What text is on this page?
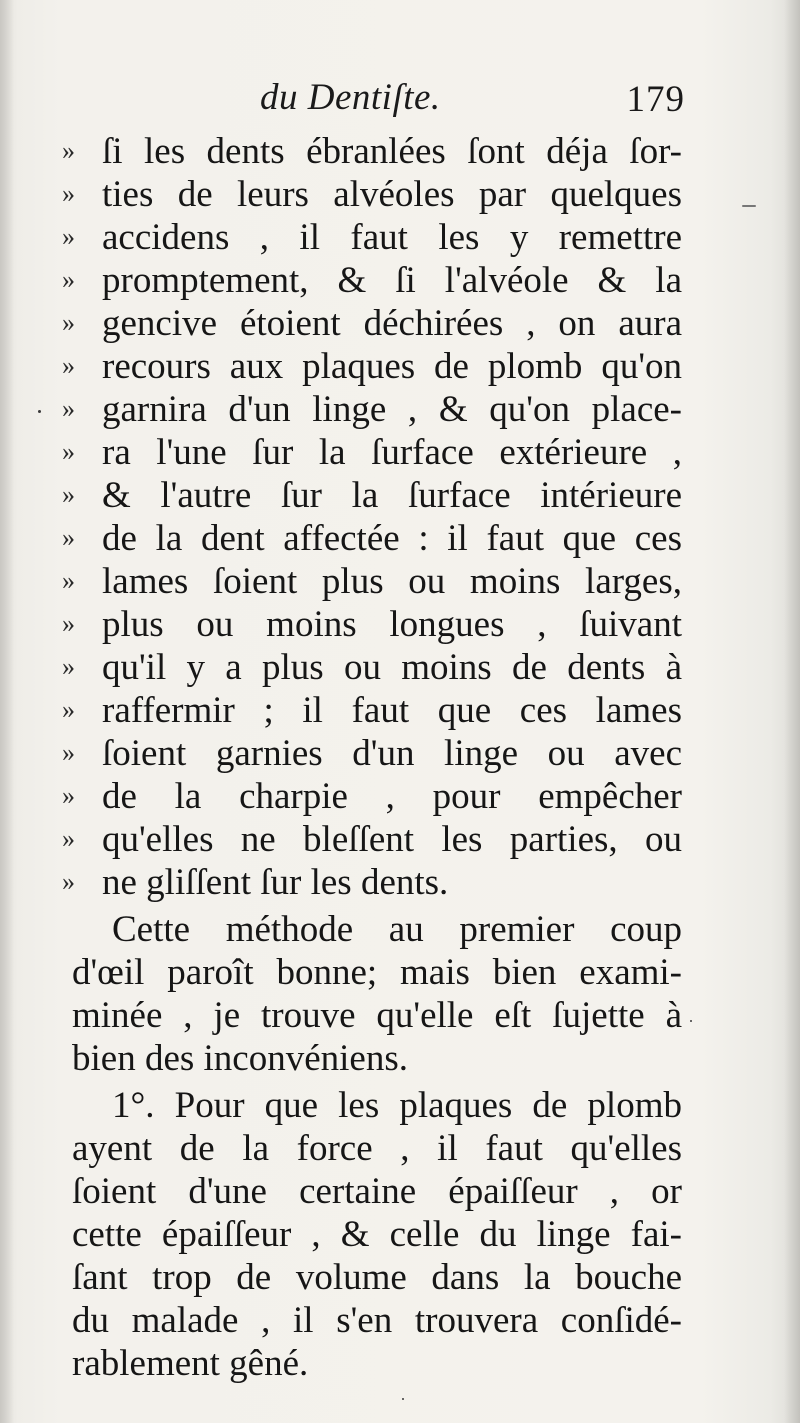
du Dentiſte.	179
» ſi les dents ébranlées ſont déja ſor-
» ties de leurs alvéoles par quelques
» accidens , il faut les y remettre
» promptement, & ſi l'alvéole & la
» gencive étoient déchirées , on aura
» recours aux plaques de plomb qu'on
» garnira d'un linge , & qu'on place-
» ra l'une ſur la ſurface extérieure ,
» & l'autre ſur la ſurface intérieure
» de la dent affectée : il faut que ces
» lames ſoient plus ou moins larges,
» plus ou moins longues , ſuivant
» qu'il y a plus ou moins de dents à
» raffermir ; il faut que ces lames
» ſoient garnies d'un linge ou avec
» de la charpie , pour empêcher
» qu'elles ne bleſſent les parties, ou
» ne gliſſent ſur les dents.
Cette méthode au premier coup
d'œil paroît bonne; mais bien exami-
minée , je trouve qu'elle eſt ſujette à
bien des inconvéniens.
1°. Pour que les plaques de plomb
ayent de la force , il faut qu'elles
ſoient d'une certaine épaiſſeur , or
cette épaiſſeur , & celle du linge fai-
ſant trop de volume dans la bouche
du malade , il s'en trouvera conſidé-
rablement gêné.
